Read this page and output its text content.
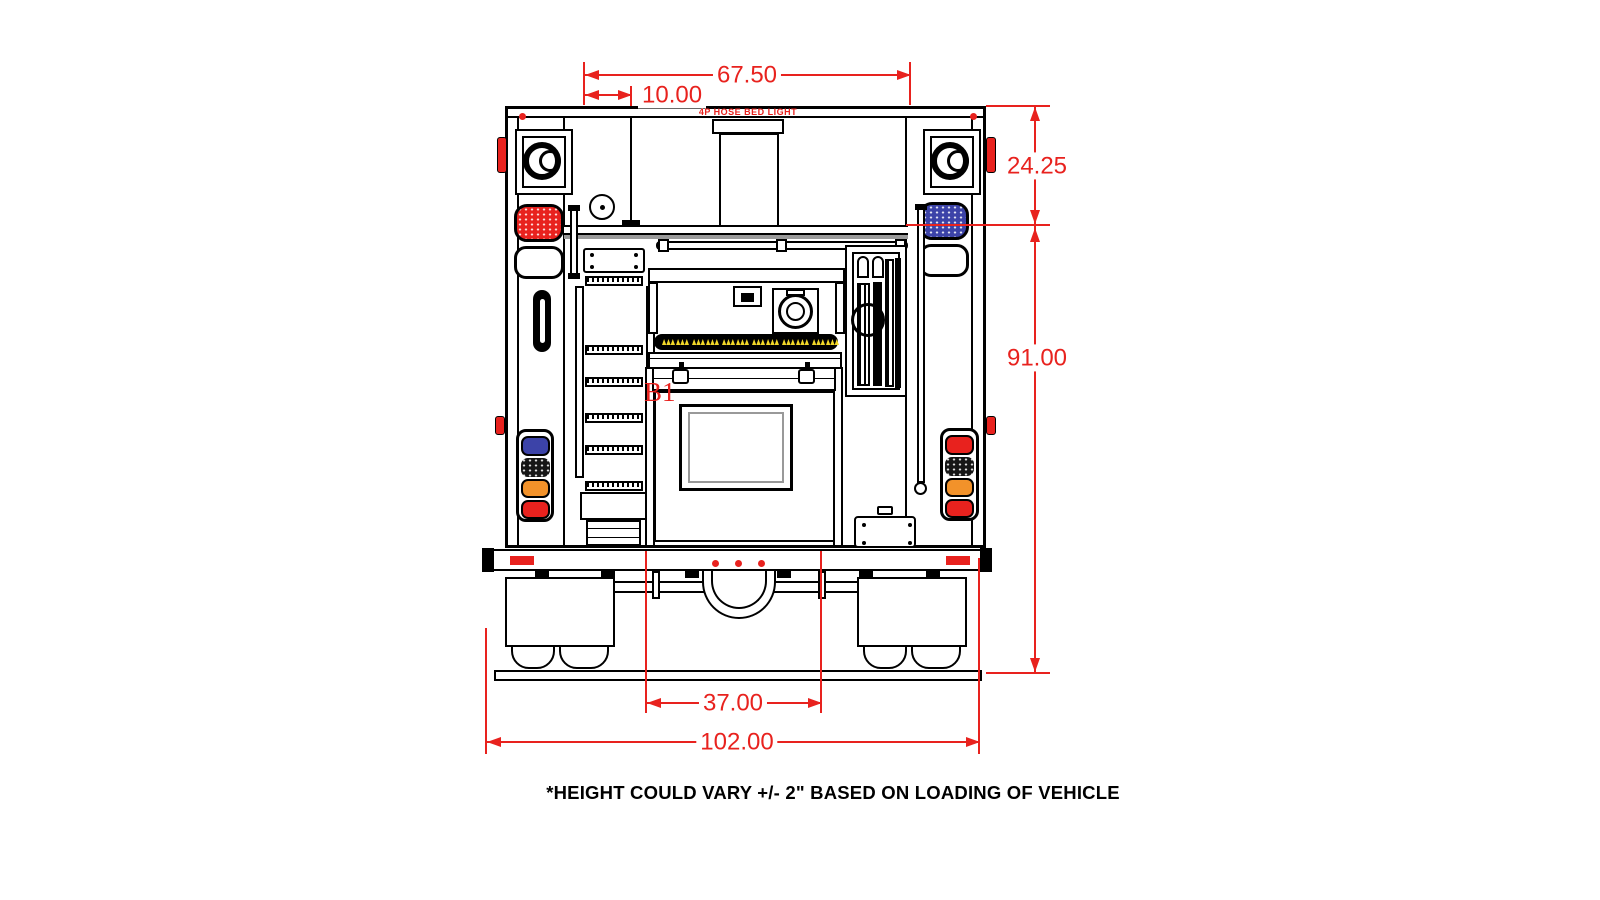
B1
67.50
10.00
24.25
91.00
37.00
102.00
4P HOSE BED LIGHT
*HEIGHT COULD VARY +/- 2" BASED ON LOADING OF VEHICLE
